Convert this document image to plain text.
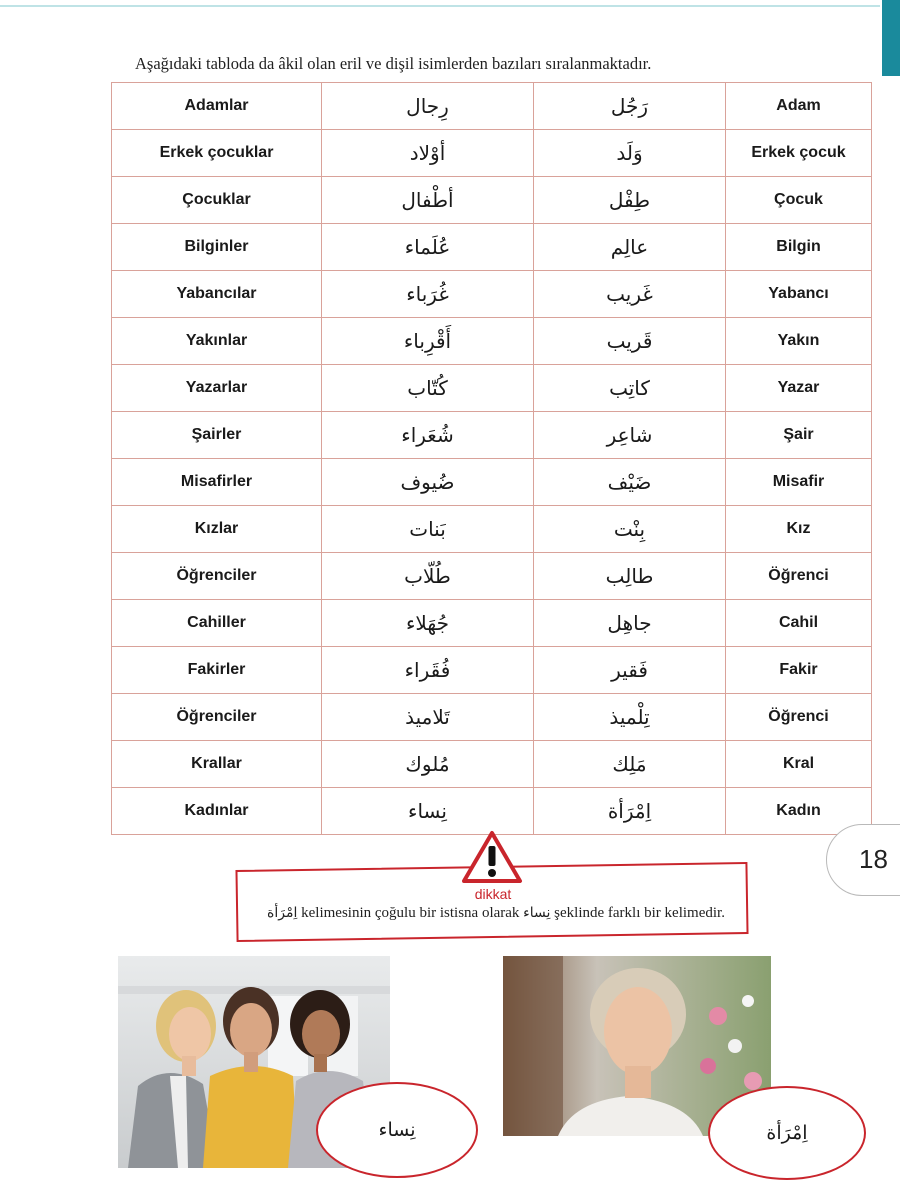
Aşağıdaki tabloda da âkil olan eril ve dişil isimlerden bazıları sıralanmaktadır.
Adamlar	رِجال	رَجُل	Adam
Erkek çocuklar	أوْلاد	وَلَد	Erkek çocuk
Çocuklar	أطْفال	طِفْل	Çocuk
Bilginler	عُلَماء	عالِم	Bilgin
Yabancılar	غُرَباء	غَريب	Yabancı
Yakınlar	أَقْرِباء	قَريب	Yakın
Yazarlar	كُتّاب	كاتِب	Yazar
Şairler	شُعَراء	شاعِر	Şair
Misafirler	ضُيوف	ضَيْف	Misafir
Kızlar	بَنات	بِنْت	Kız
Öğrenciler	طُلّاب	طالِب	Öğrenci
Cahiller	جُهَلاء	جاهِل	Cahil
Fakirler	فُقَراء	فَقير	Fakir
Öğrenciler	تَلاميذ	تِلْميذ	Öğrenci
Krallar	مُلوك	مَلِك	Kral
Kadınlar	نِساء	اِمْرَأة	Kadın
18
dikkat
اِمْرَأة kelimesinin çoğulu bir istisna olarak نِساء şeklinde farklı bir kelimedir.
نِساء	اِمْرَأة
